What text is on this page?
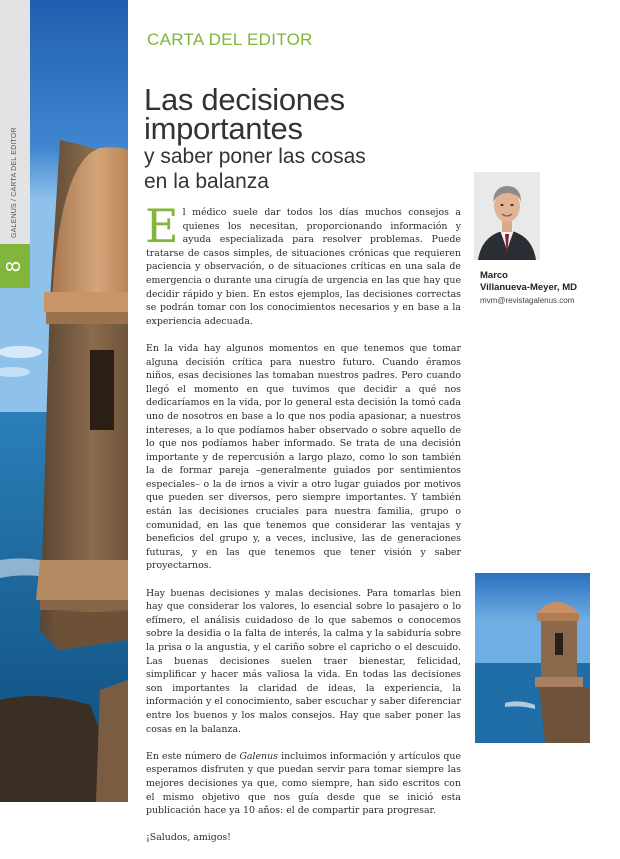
GALENUS / CARTA DEL EDITOR
8
CARTA DEL EDITOR
Las decisiones
importantes
y saber poner las cosas
en la balanza

El médico suele dar todos los días muchos consejos a quienes los necesitan, proporcionando información y ayuda especializada para resolver problemas. Puede tratarse de casos simples, de situaciones crónicas que requieren paciencia y observación, o de situaciones críticas en una sala de emergencia o durante una cirugía de urgencia en las que hay que decidir rápido y bien. En estos ejemplos, las decisiones correctas se podrán tomar con los conocimientos necesarios y en base a la experiencia adecuada.

En la vida hay algunos momentos en que tenemos que tomar alguna decisión crítica para nuestro futuro. Cuando éramos niños, esas decisiones las tomaban nuestros padres. Pero cuando llegó el momento en que tuvimos que decidir a qué nos dedicaríamos en la vida, por lo general esta decisión la tomó cada uno de nosotros en base a lo que nos podía apasionar, a nuestros intereses, a lo que podíamos haber observado o sobre aquello de lo que nos podíamos haber informado. Se trata de una decisión importante y de repercusión a largo plazo, como lo son también la de formar pareja –generalmente guiados por sentimientos especiales– o la de irnos a vivir a otro lugar guiados por motivos que pueden ser diversos, pero siempre importantes. Y también están las decisiones cruciales para nuestra familia, grupo o comunidad, en las que tenemos que considerar las ventajas y beneficios del grupo y, a veces, inclusive, las de generaciones futuras, y en las que tenemos que tener visión y saber proyectarnos.

Hay buenas decisiones y malas decisiones. Para tomarlas bien hay que considerar los valores, lo esencial sobre lo pasajero o lo efímero, el análisis cuidadoso de lo que sabemos o conocemos sobre la desidia o la falta de interés, la calma y la sabiduría sobre la prisa o la angustia, y el cariño sobre el capricho o el descuido. Las buenas decisiones suelen traer bienestar, felicidad, simplificar y hacer más valiosa la vida. En todas las decisiones son importantes la claridad de ideas, la experiencia, la información y el conocimiento, saber escuchar y saber diferenciar entre los buenos y los malos consejos. Hay que saber poner las cosas en la balanza.

En este número de Galenus incluimos información y artículos que esperamos disfruten y que puedan servir para tomar siempre las mejores decisiones ya que, como siempre, han sido escritos con el mismo objetivo que nos guía desde que se inició esta publicación hace ya 10 años: el de compartir para progresar.

¡Saludos, amigos!

Marco
Villanueva-Meyer, MD
mvm@revistagalenus.com
